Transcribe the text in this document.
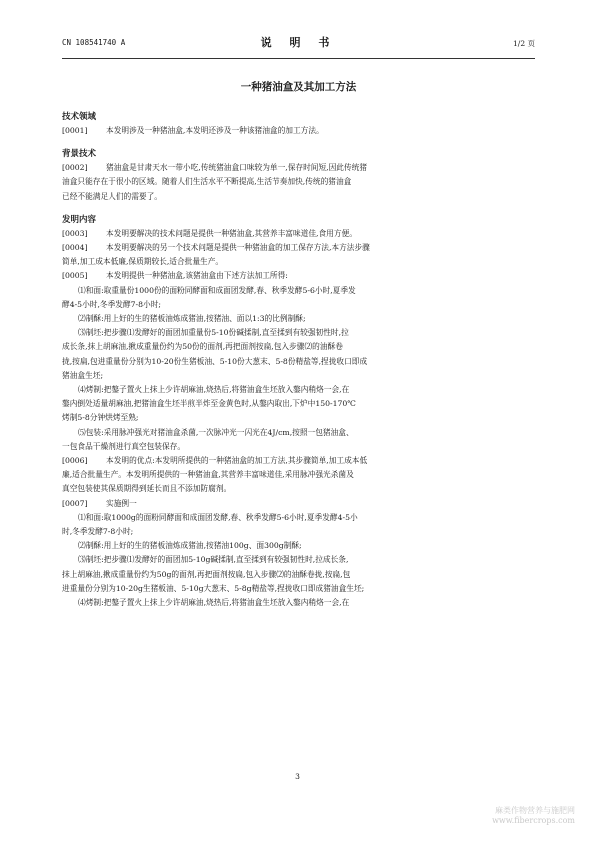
CN 108541740 A	说 明 书	1/2 页
一种猪油盒及其加工方法

技术领域

[0001] 本发明涉及一种猪油盒,本发明还涉及一种该猪油盒的加工方法。

背景技术

[0002] 猪油盒是甘肃天水一带小吃,传统猪油盒口味较为单一,保存时间短,因此传统猪

油盒只能存在于很小的区域。随着人们生活水平不断提高,生活节奏加快,传统的猪油盒

已经不能满足人们的需要了。

发明内容

[0003] 本发明要解决的技术问题是提供一种猪油盒,其营养丰富味道佳,食用方便。

[0004] 本发明要解决的另一个技术问题是提供一种猪油盒的加工保存方法,本方法步骤

简单,加工成本低廉,保质期较长,适合批量生产。

[0005] 本发明提供一种猪油盒,该猪油盒由下述方法加工所得:

⑴和面:取重量份1000份的面粉同酵面和成面团发酵,春、秋季发酵5-6小时,夏季发

酵4-5小时,冬季发酵7-8小时;

⑵制酥:用上好的生的猪板油炼成猪油,按猪油、面以1:3的比例制酥;

⑶制坯:把步骤⑴发酵好的面团加重量份5-10份碱揉制,直至揉到有较强韧性时,拉

成长条,抹上胡麻油,揪成重量份约为50份的面剂,再把面剂按扁,包入步骤⑵的油酥卷

拢,按扁,包进重量份分别为10-20份生猪板油、5-10份大葱末、5-8份精盐等,捏拢收口即成

猪油盒生坯;

⑷烤制:把鏊子置火上抹上少许胡麻油,烧热后,将猪油盒生坯放入鏊内稍烙一会,在

鏊内倒处适量胡麻油,把猪油盒生坯半煎半炸至金黄色时,从鏊内取出,下炉中150-170℃

烤制5-8分钟烘烤至熟;

⑸包装:采用脉冲强光对猪油盒杀菌,一次脉冲光一闪光在4J/cm,按照一包猪油盒、

一包食品干燥剂进行真空包装保存。

[0006] 本发明的优点:本发明所提供的一种猪油盒的加工方法,其步骤简单,加工成本低

廉,适合批量生产。本发明所提供的一种猪油盒,其营养丰富味道佳,采用脉冲强光杀菌及

真空包装使其保质期得到延长而且不添加防腐剂。

[0007] 实施例一

⑴和面:取1000g的面粉同酵面和成面团发酵,春、秋季发酵5-6小时,夏季发酵4-5小

时,冬季发酵7-8小时;

⑵制酥:用上好的生的猪板油炼成猪油,按猪油100g、面300g制酥;

⑶制坯:把步骤⑴发酵好的面团加5-10g碱揉制,直至揉到有较强韧性时,拉成长条,

抹上胡麻油,揪成重量份约为50g的面剂,再把面剂按扁,包入步骤⑵的油酥卷拢,按扁,包

进重量份分别为10-20g生猪板油、5-10g大葱末、5-8g精盐等,捏拢收口即成猪油盒生坯;

⑷烤制:把鏊子置火上抹上少许胡麻油,烧热后,将猪油盒生坯放入鏊内稍烙一会,在

3
麻类作物营养与施肥网
www.fibercrops.com
